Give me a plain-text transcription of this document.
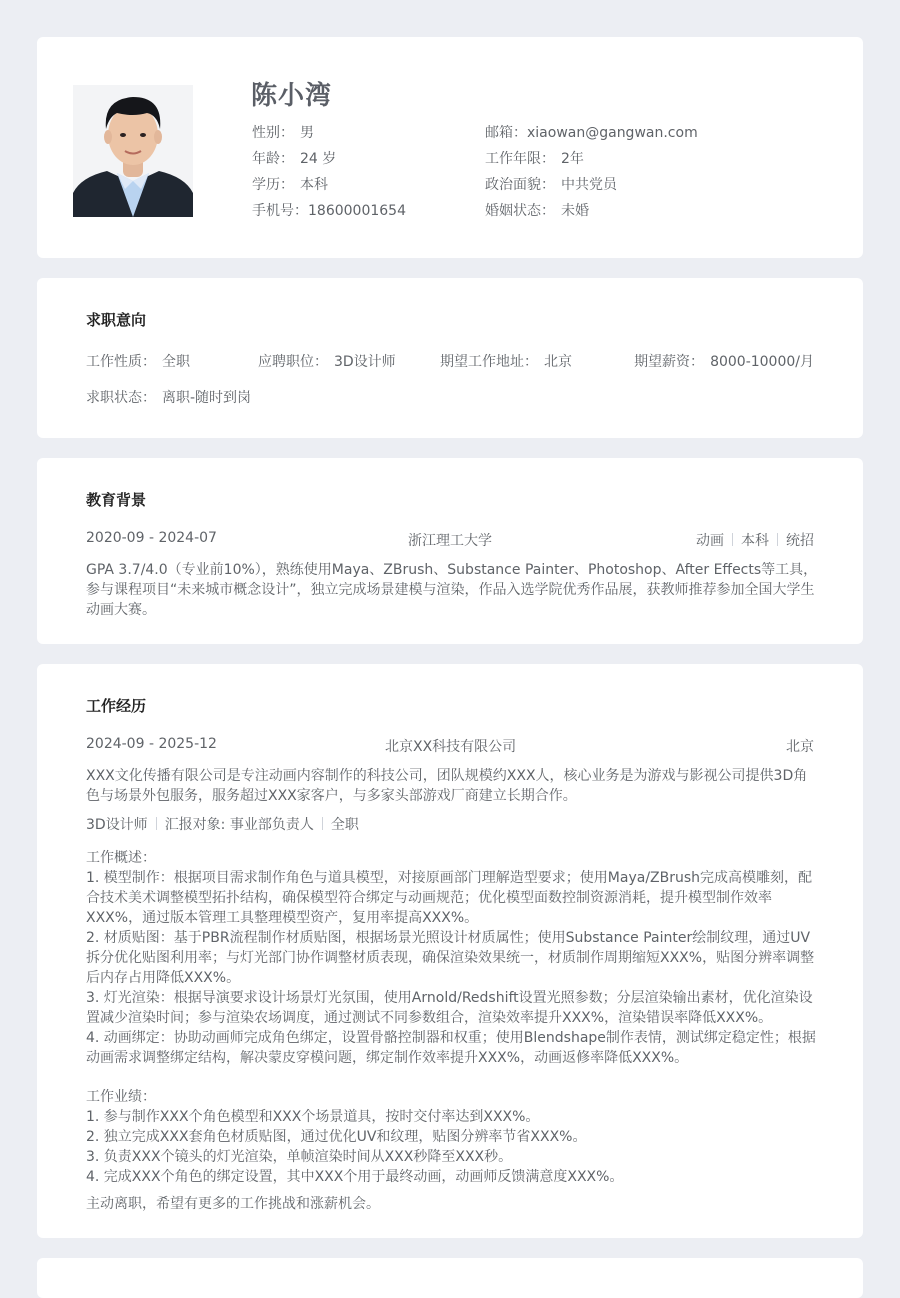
陈小湾
性别： 男
年龄： 24 岁
学历： 本科
手机号：18600001654
邮箱：xiaowan@gangwan.com
工作年限： 2年
政治面貌： 中共党员
婚姻状态： 未婚
求职意向
工作性质： 全职	应聘职位： 3D设计师	期望工作地址： 北京	期望薪资： 8000-10000/月
求职状态： 离职-随时到岗
教育背景
2020-09 - 2024-07	浙江理工大学	动画 本科 统招
GPA 3.7/4.0（专业前10%），熟练使用Maya、ZBrush、Substance Painter、Photoshop、After Effects等工具，参与课程项目“未来城市概念设计”，独立完成场景建模与渲染，作品入选学院优秀作品展，获教师推荐参加全国大学生动画大赛。
工作经历
2024-09 - 2025-12	北京XX科技有限公司	北京
XXX文化传播有限公司是专注动画内容制作的科技公司，团队规模约XXX人，核心业务是为游戏与影视公司提供3D角色与场景外包服务，服务超过XXX家客户，与多家头部游戏厂商建立长期合作。
3D设计师 汇报对象: 事业部负责人 全职
工作概述：
1. 模型制作：根据项目需求制作角色与道具模型，对接原画部门理解造型要求；使用Maya/ZBrush完成高模雕刻，配合技术美术调整模型拓扑结构，确保模型符合绑定与动画规范；优化模型面数控制资源消耗，提升模型制作效率XXX%，通过版本管理工具整理模型资产，复用率提高XXX%。
2. 材质贴图：基于PBR流程制作材质贴图，根据场景光照设计材质属性；使用Substance Painter绘制纹理，通过UV拆分优化贴图利用率；与灯光部门协作调整材质表现，确保渲染效果统一，材质制作周期缩短XXX%，贴图分辨率调整后内存占用降低XXX%。
3. 灯光渲染：根据导演要求设计场景灯光氛围，使用Arnold/Redshift设置光照参数；分层渲染输出素材，优化渲染设置减少渲染时间；参与渲染农场调度，通过测试不同参数组合，渲染效率提升XXX%，渲染错误率降低XXX%。
4. 动画绑定：协助动画师完成角色绑定，设置骨骼控制器和权重；使用Blendshape制作表情，测试绑定稳定性；根据动画需求调整绑定结构，解决蒙皮穿模问题，绑定制作效率提升XXX%，动画返修率降低XXX%。
工作业绩：
1. 参与制作XXX个角色模型和XXX个场景道具，按时交付率达到XXX%。
2. 独立完成XXX套角色材质贴图，通过优化UV和纹理，贴图分辨率节省XXX%。
3. 负责XXX个镜头的灯光渲染，单帧渲染时间从XXX秒降至XXX秒。
4. 完成XXX个角色的绑定设置，其中XXX个用于最终动画，动画师反馈满意度XXX%。
主动离职，希望有更多的工作挑战和涨薪机会。
